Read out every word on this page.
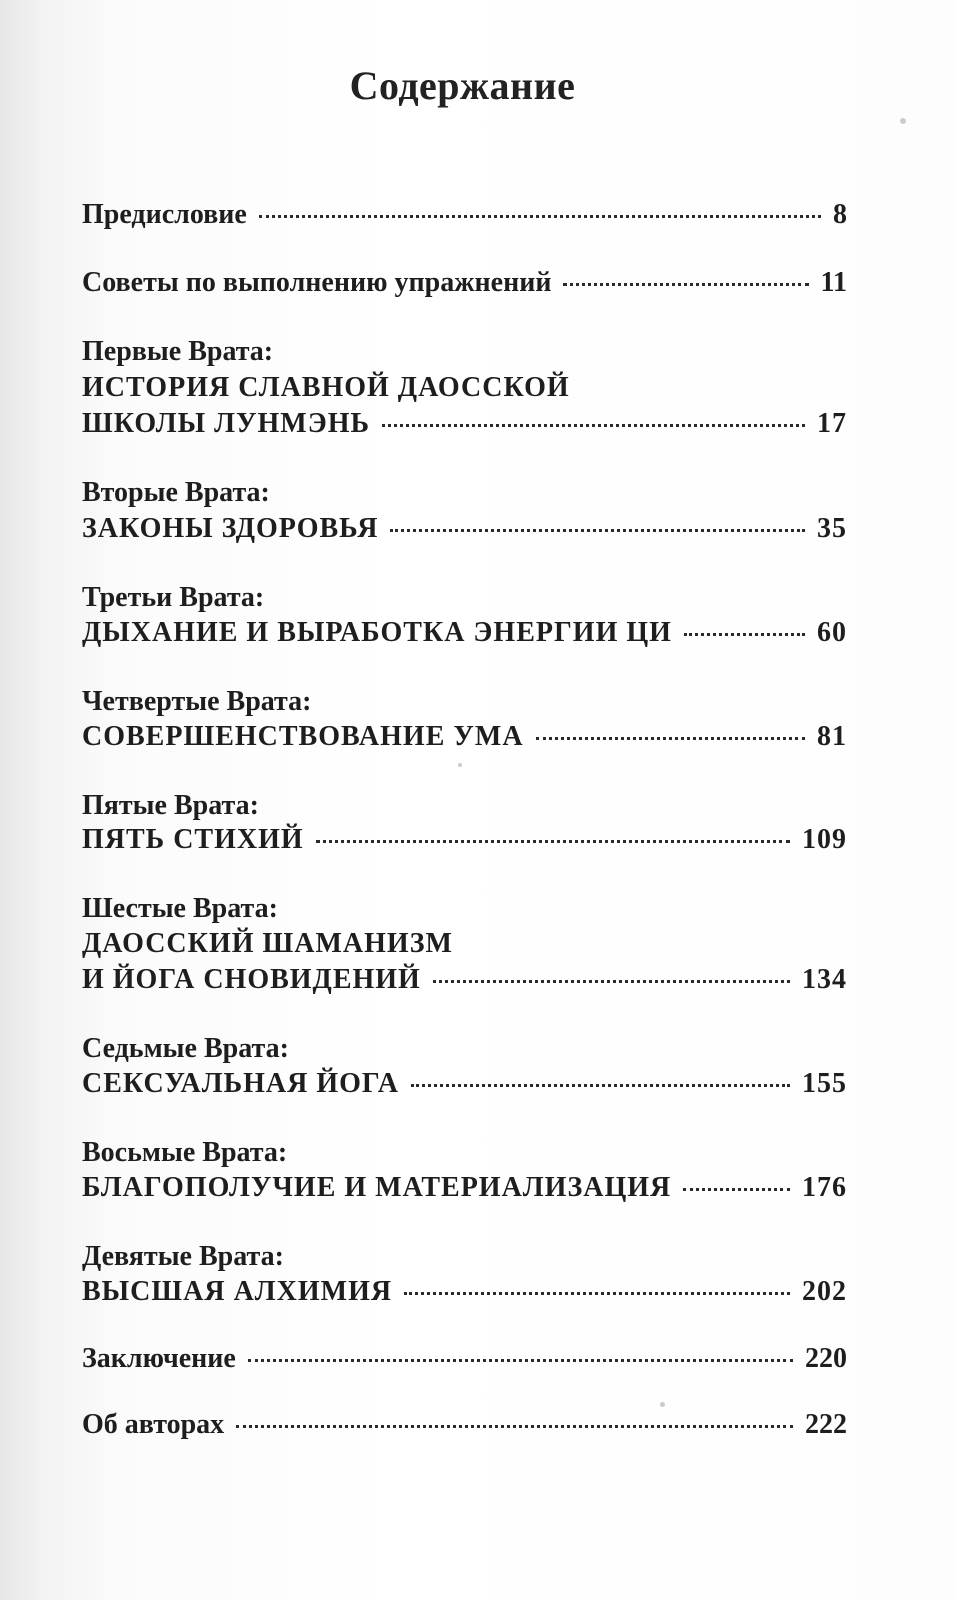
Содержание
Предисловие	8
Советы по выполнению упражнений	11
Первые Врата:
ИСТОРИЯ СЛАВНОЙ ДАОССКОЙ
ШКОЛЫ ЛУНМЭНЬ	17
Вторые Врата:
ЗАКОНЫ ЗДОРОВЬЯ	35
Третьи Врата:
ДЫХАНИЕ И ВЫРАБОТКА ЭНЕРГИИ ЦИ	60
Четвертые Врата:
СОВЕРШЕНСТВОВАНИЕ УМА	81
Пятые Врата:
ПЯТЬ СТИХИЙ	109
Шестые Врата:
ДАОССКИЙ ШАМАНИЗМ
И ЙОГА СНОВИДЕНИЙ	134
Седьмые Врата:
СЕКСУАЛЬНАЯ ЙОГА	155
Восьмые Врата:
БЛАГОПОЛУЧИЕ И МАТЕРИАЛИЗАЦИЯ	176
Девятые Врата:
ВЫСШАЯ АЛХИМИЯ	202
Заключение	220
Об авторах	222
